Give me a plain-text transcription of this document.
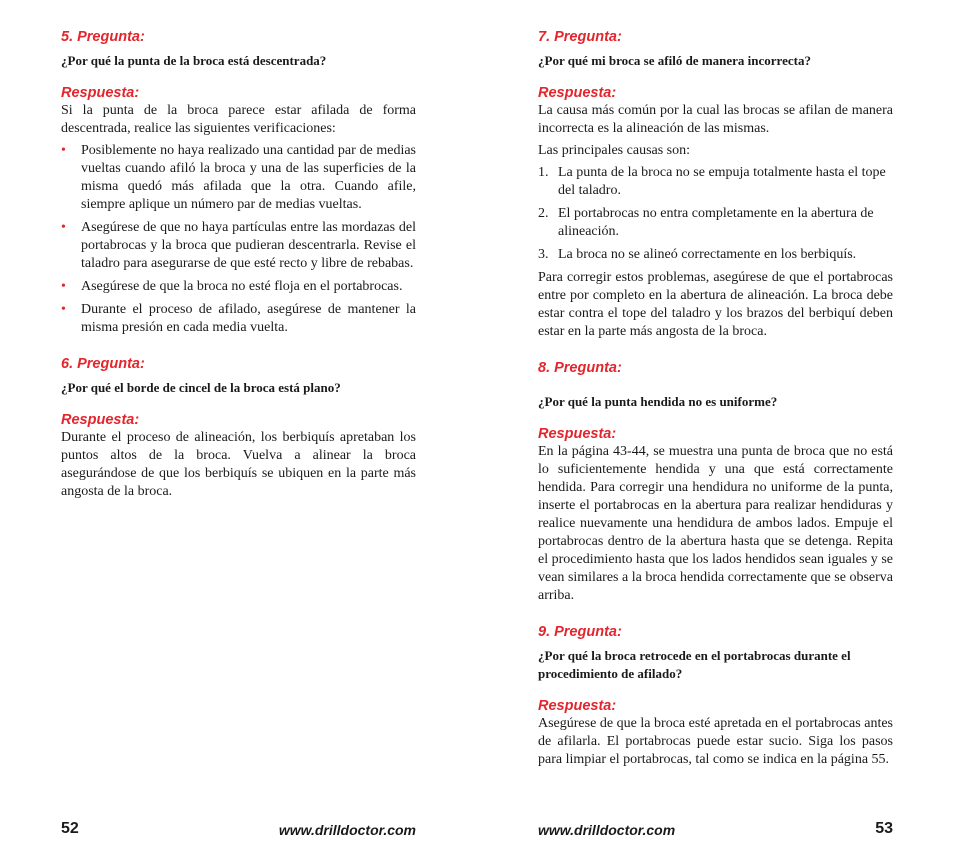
5. Pregunta:

¿Por qué la punta de la broca está descentrada?

Respuesta:

Si la punta de la broca parece estar afilada de forma descentrada, realice las siguientes verificaciones:

• Posiblemente no haya realizado una cantidad par de medias vueltas cuando afiló la broca y una de las superficies de la misma quedó más afilada que la otra. Cuando afile, siempre aplique un número par de medias vueltas.
• Asegúrese de que no haya partículas entre las mordazas del portabrocas y la broca que pudieran descentrarla. Revise el taladro para asegurarse de que esté recto y libre de rebabas.
• Asegúrese de que la broca no esté floja en el portabrocas.
• Durante el proceso de afilado, asegúrese de mantener la misma presión en cada media vuelta.

6. Pregunta:

¿Por qué el borde de cincel de la broca está plano?

Respuesta:

Durante el proceso de alineación, los berbiquís apretaban los puntos altos de la broca. Vuelva a alinear la broca asegurándose de que los berbiquís se ubiquen en la parte más angosta de la broca.

52	www.drilldoctor.com

7. Pregunta:

¿Por qué mi broca se afiló de manera incorrecta?

Respuesta:

La causa más común por la cual las brocas se afilan de manera incorrecta es la alineación de las mismas.

Las principales causas son:

1. La punta de la broca no se empuja totalmente hasta el tope del taladro.
2. El portabrocas no entra completamente en la abertura de alineación.
3. La broca no se alineó correctamente en los berbiquís.

Para corregir estos problemas, asegúrese de que el portabrocas entre por completo en la abertura de alineación. La broca debe estar contra el tope del taladro y los brazos del berbiquí deben estar en la parte más angosta de la broca.

8. Pregunta:

¿Por qué la punta hendida no es uniforme?

Respuesta:

En la página 43-44, se muestra una punta de broca que no está lo suficientemente hendida y una que está correctamente hendida. Para corregir una hendidura no uniforme de la punta, inserte el portabrocas en la abertura para realizar hendiduras y realice nuevamente una hendidura de ambos lados. Empuje el portabrocas dentro de la abertura hasta que se detenga. Repita el procedimiento hasta que los lados hendidos sean iguales y se vean similares a la broca hendida correctamente que se observa arriba.

9. Pregunta:

¿Por qué la broca retrocede en el portabrocas durante el procedimiento de afilado?

Respuesta:

Asegúrese de que la broca esté apretada en el portabrocas antes de afilarla. El portabrocas puede estar sucio. Siga los pasos para limpiar el portabrocas, tal como se indica en la página 55.

www.drilldoctor.com	53
